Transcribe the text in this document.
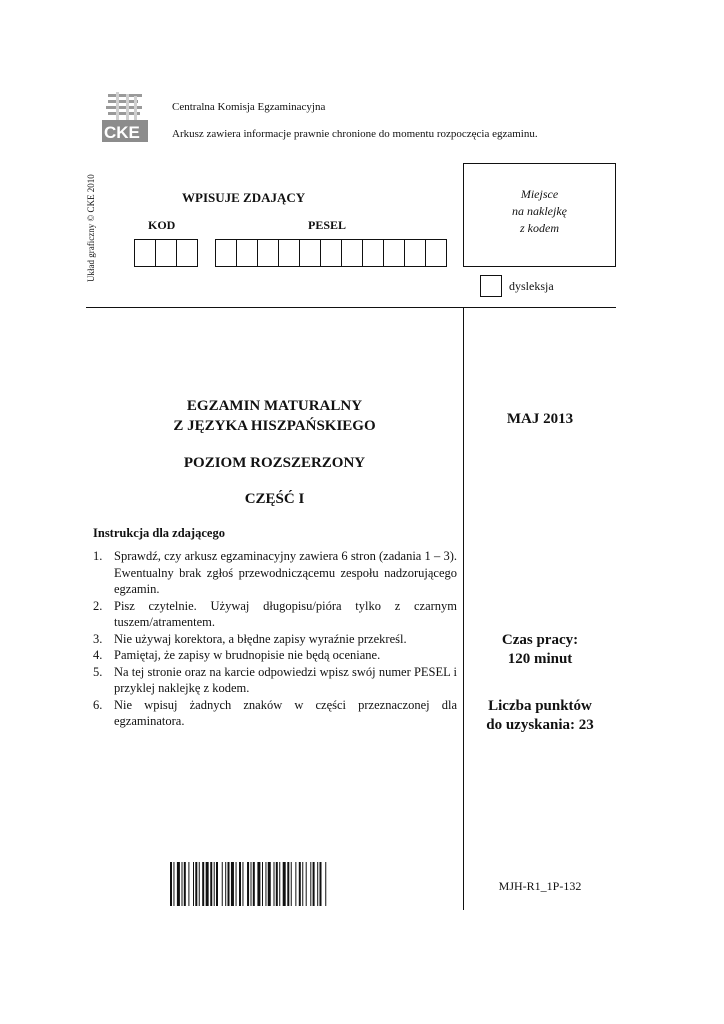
CKE
Centralna Komisja Egzaminacyjna
Arkusz zawiera informacje prawnie chronione do momentu rozpoczęcia egzaminu.
Układ graficzny © CKE 2010	WPISUJE ZDAJĄCY
KOD	PESEL
Miejsce
na naklejkę
z kodem
dysleksja
EGZAMIN MATURALNY
Z JĘZYKA HISZPAŃSKIEGO
POZIOM ROZSZERZONY
CZĘŚĆ I
MAJ 2013
Czas pracy:
120 minut
Liczba punktów
do uzyskania: 23
MJH-R1_1P-132
Instrukcja dla zdającego
1. Sprawdź, czy arkusz egzaminacyjny zawiera 6 stron (zadania 1 – 3). Ewentualny brak zgłoś przewodniczącemu zespołu nadzorującego egzamin.
2. Pisz czytelnie. Używaj długopisu/pióra tylko z czarnym tuszem/atramentem.
3. Nie używaj korektora, a błędne zapisy wyraźnie przekreśl.
4. Pamiętaj, że zapisy w brudnopisie nie będą oceniane.
5. Na tej stronie oraz na karcie odpowiedzi wpisz swój numer PESEL i przyklej naklejkę z kodem.
6. Nie wpisuj żadnych znaków w części przeznaczonej dla egzaminatora.
